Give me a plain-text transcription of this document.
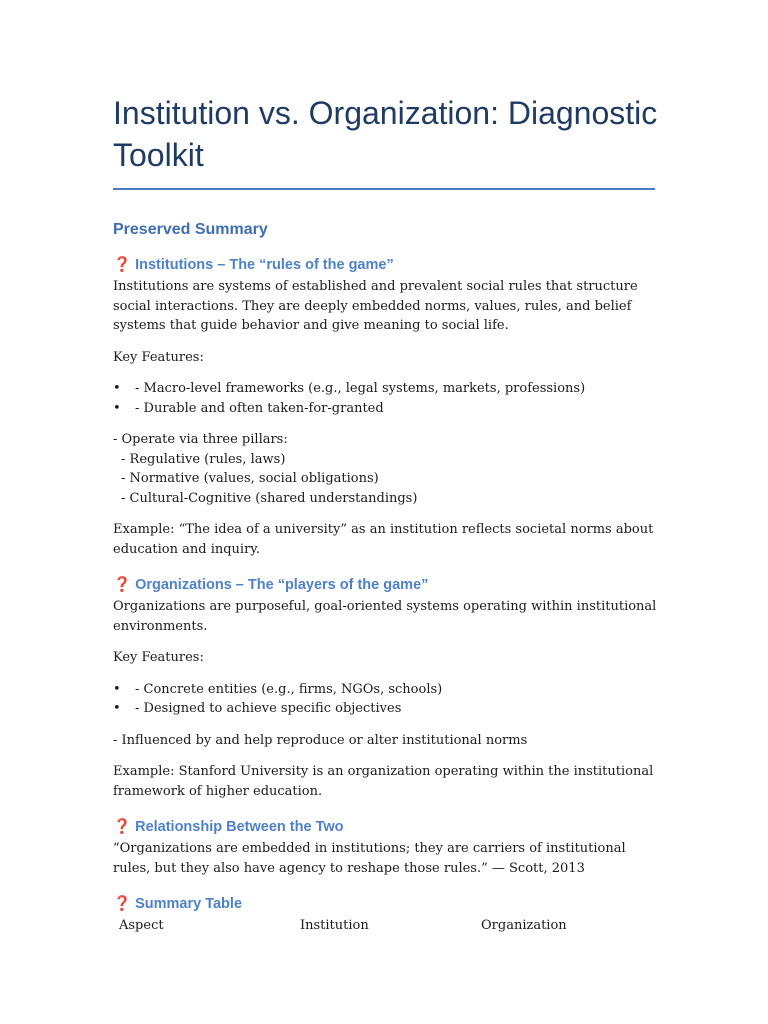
Institution vs. Organization: Diagnostic Toolkit
Preserved Summary
❓ Institutions – The “rules of the game”

Institutions are systems of established and prevalent social rules that structure social interactions. They are deeply embedded norms, values, rules, and belief systems that guide behavior and give meaning to social life.

Key Features:

•	- Macro-level frameworks (e.g., legal systems, markets, professions)
•	- Durable and often taken-for-granted

- Operate via three pillars:

- Regulative (rules, laws)

- Normative (values, social obligations)

- Cultural-Cognitive (shared understandings)

Example: “The idea of a university” as an institution reflects societal norms about education and inquiry.

❓ Organizations – The “players of the game”

Organizations are purposeful, goal-oriented systems operating within institutional environments.

Key Features:

•	- Concrete entities (e.g., firms, NGOs, schools)
•	- Designed to achieve specific objectives

- Influenced by and help reproduce or alter institutional norms

Example: Stanford University is an organization operating within the institutional framework of higher education.

❓ Relationship Between the Two

“Organizations are embedded in institutions; they are carriers of institutional rules, but they also have agency to reshape those rules.” — Scott, 2013

❓ Summary Table
Aspect	Institution	Organization
